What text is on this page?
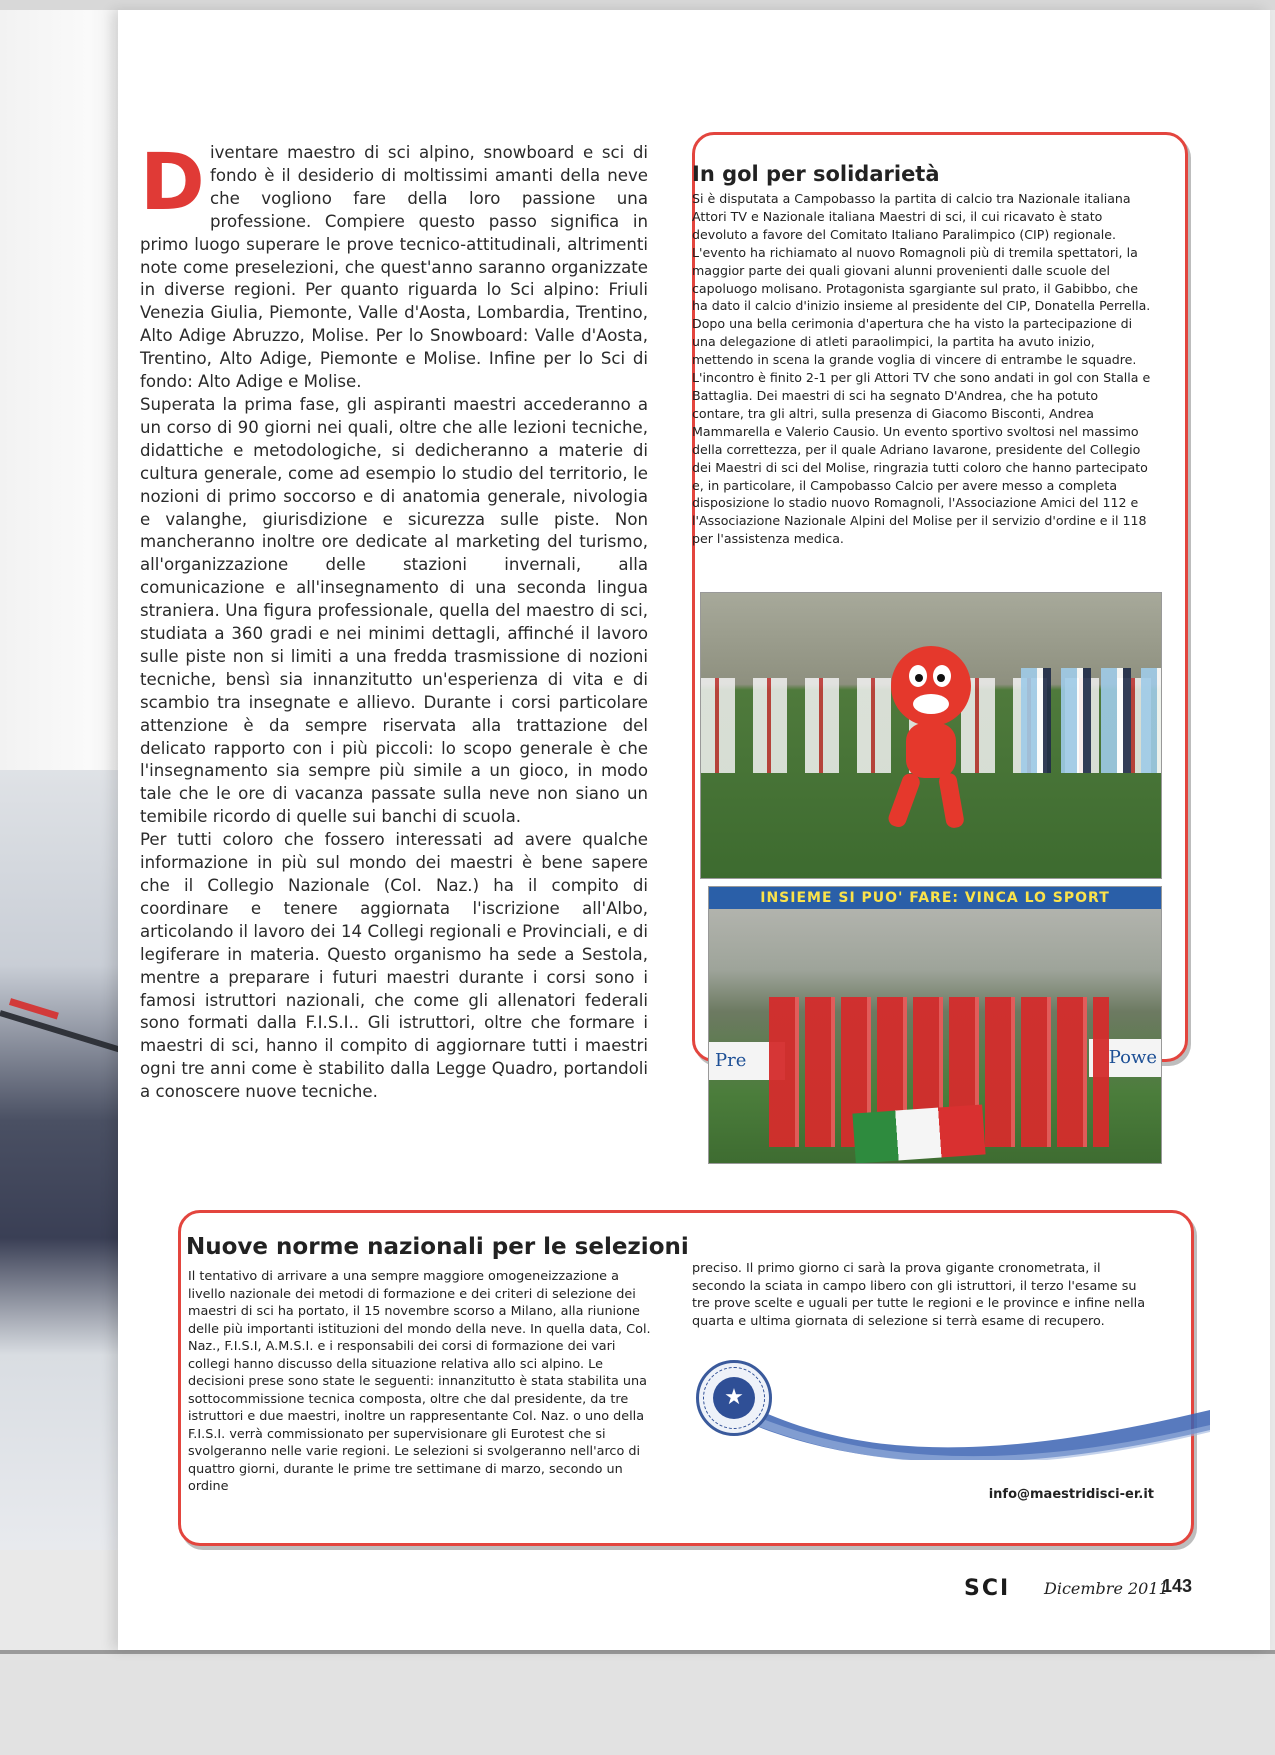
Diventare maestro di sci alpino, snowboard e sci di fondo è il desiderio di moltissimi amanti della neve che vogliono fare della loro passione una professione. Compiere questo passo significa in primo luogo superare le prove tecnico-attitudinali, altrimenti note come preselezioni, che quest'anno saranno organizzate in diverse regioni. Per quanto riguarda lo Sci alpino: Friuli Venezia Giulia, Piemonte, Valle d'Aosta, Lombardia, Trentino, Alto Adige Abruzzo, Molise. Per lo Snowboard: Valle d'Aosta, Trentino, Alto Adige, Piemonte e Molise. Infine per lo Sci di fondo: Alto Adige e Molise.

Superata la prima fase, gli aspiranti maestri accederanno a un corso di 90 giorni nei quali, oltre che alle lezioni tecniche, didattiche e metodologiche, si dedicheranno a materie di cultura generale, come ad esempio lo studio del territorio, le nozioni di primo soccorso e di anatomia generale, nivologia e valanghe, giurisdizione e sicurezza sulle piste. Non mancheranno inoltre ore dedicate al marketing del turismo, all'organizzazione delle stazioni invernali, alla comunicazione e all'insegnamento di una seconda lingua straniera. Una figura professionale, quella del maestro di sci, studiata a 360 gradi e nei minimi dettagli, affinché il lavoro sulle piste non si limiti a una fredda trasmissione di nozioni tecniche, bensì sia innanzitutto un'esperienza di vita e di scambio tra insegnate e allievo. Durante i corsi particolare attenzione è da sempre riservata alla trattazione del delicato rapporto con i più piccoli: lo scopo generale è che l'insegnamento sia sempre più simile a un gioco, in modo tale che le ore di vacanza passate sulla neve non siano un temibile ricordo di quelle sui banchi di scuola.

Per tutti coloro che fossero interessati ad avere qualche informazione in più sul mondo dei maestri è bene sapere che il Collegio Nazionale (Col. Naz.) ha il compito di coordinare e tenere aggiornata l'iscrizione all'Albo, articolando il lavoro dei 14 Collegi regionali e Provinciali, e di legiferare in materia. Questo organismo ha sede a Sestola, mentre a preparare i futuri maestri durante i corsi sono i famosi istruttori nazionali, che come gli allenatori federali sono formati dalla F.I.S.I.. Gli istruttori, oltre che formare i maestri di sci, hanno il compito di aggiornare tutti i maestri ogni tre anni come è stabilito dalla Legge Quadro, portandoli a conoscere nuove tecniche.

In gol per solidarietà
Si è disputata a Campobasso la partita di calcio tra Nazionale italiana Attori TV e Nazionale italiana Maestri di sci, il cui ricavato è stato devoluto a favore del Comitato Italiano Paralimpico (CIP) regionale. L'evento ha richiamato al nuovo Romagnoli più di tremila spettatori, la maggior parte dei quali giovani alunni provenienti dalle scuole del capoluogo molisano. Protagonista sgargiante sul prato, il Gabibbo, che ha dato il calcio d'inizio insieme al presidente del CIP, Donatella Perrella. Dopo una bella cerimonia d'apertura che ha visto la partecipazione di una delegazione di atleti paraolimpici, la partita ha avuto inizio, mettendo in scena la grande voglia di vincere di entrambe le squadre. L'incontro è finito 2-1 per gli Attori TV che sono andati in gol con Stalla e Battaglia. Dei maestri di sci ha segnato D'Andrea, che ha potuto contare, tra gli altri, sulla presenza di Giacomo Bisconti, Andrea Mammarella e Valerio Causio. Un evento sportivo svoltosi nel massimo della correttezza, per il quale Adriano Iavarone, presidente del Collegio dei Maestri di sci del Molise, ringrazia tutti coloro che hanno partecipato e, in particolare, il Campobasso Calcio per avere messo a completa disposizione lo stadio nuovo Romagnoli, l'Associazione Amici del 112 e l'Associazione Nazionale Alpini del Molise per il servizio d'ordine e il 118 per l'assistenza medica.
INSIEME SI PUO' FARE: VINCA LO SPORT
Pre	Powe
Nuove norme nazionali per le selezioni
Il tentativo di arrivare a una sempre maggiore omogeneizzazione a livello nazionale dei metodi di formazione e dei criteri di selezione dei maestri di sci ha portato, il 15 novembre scorso a Milano, alla riunione delle più importanti istituzioni del mondo della neve. In quella data, Col. Naz., F.I.S.I, A.M.S.I. e i responsabili dei corsi di formazione dei vari collegi hanno discusso della situazione relativa allo sci alpino. Le decisioni prese sono state le seguenti: innanzitutto è stata stabilita una sottocommissione tecnica composta, oltre che dal presidente, da tre istruttori e due maestri, inoltre un rappresentante Col. Naz. o uno della F.I.S.I. verrà commissionato per supervisionare gli Eurotest che si svolgeranno nelle varie regioni. Le selezioni si svolgeranno nell'arco di quattro giorni, durante le prime tre settimane di marzo, secondo un ordine
preciso. Il primo giorno ci sarà la prova gigante cronometrata, il secondo la sciata in campo libero con gli istruttori, il terzo l'esame su tre prove scelte e uguali per tutte le regioni e le province e infine nella quarta e ultima giornata di selezione si terrà esame di recupero.
★
info@maestridisci-er.it
SCI Dicembre 2011
143
